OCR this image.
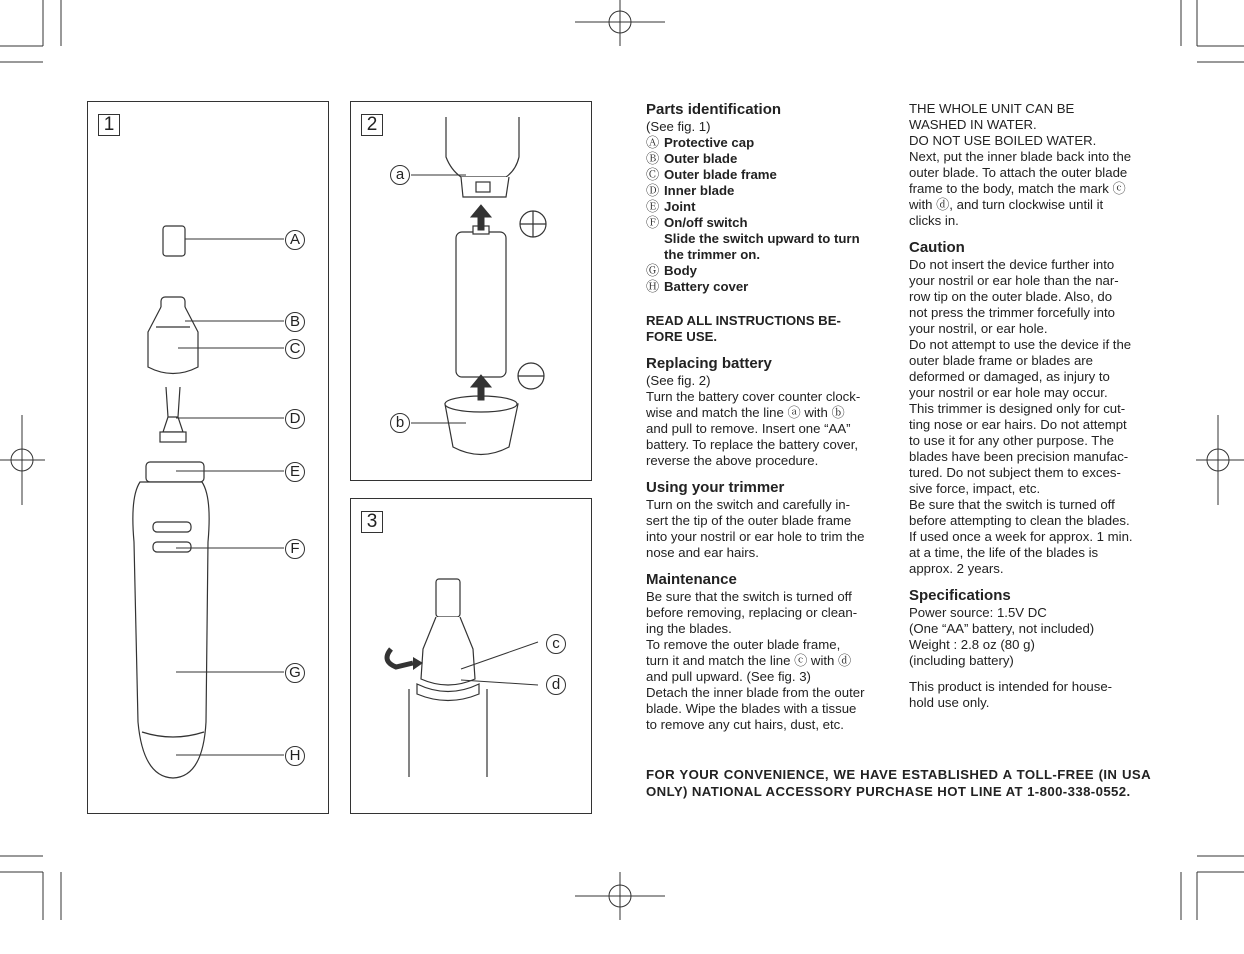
1
A
B
C
D
E
F
G
H
2
a
b
3
c
d
Parts identification

(See fig. 1)

Ⓐ Protective cap
Ⓑ Outer blade
Ⓒ Outer blade frame
Ⓓ Inner blade
Ⓔ Joint
Ⓕ On/off switch
Slide the switch upward to turn
the trimmer on.
Ⓖ Body
Ⓗ Battery cover

READ ALL INSTRUCTIONS BE-

FORE USE.

Replacing battery

(See fig. 2)

Turn the battery cover counter clock-

wise and match the line ⓐ with ⓑ

and pull to remove. Insert one “AA”

battery. To replace the battery cover,

reverse the above procedure.

Using your trimmer

Turn on the switch and carefully in-

sert the tip of the outer blade frame

into your nostril or ear hole to trim the

nose and ear hairs.

Maintenance

Be sure that the switch is turned off

before removing, replacing or clean-

ing the blades.

To remove the outer blade frame,

turn it and match the line ⓒ with ⓓ

and pull upward. (See fig. 3)

Detach the inner blade from the outer

blade. Wipe the blades with a tissue

to remove any cut hairs, dust, etc.

THE WHOLE UNIT CAN BE

WASHED IN WATER.

DO NOT USE BOILED WATER.

Next, put the inner blade back into the

outer blade. To attach the outer blade

frame to the body, match the mark ⓒ

with ⓓ, and turn clockwise until it

clicks in.

Caution

Do not insert the device further into

your nostril or ear hole than the nar-

row tip on the outer blade. Also, do

not press the trimmer forcefully into

your nostril, or ear hole.

Do not attempt to use the device if the

outer blade frame or blades are

deformed or damaged, as injury to

your nostril or ear hole may occur.

This trimmer is designed only for cut-

ting nose or ear hairs. Do not attempt

to use it for any other purpose. The

blades have been precision manufac-

tured. Do not subject them to exces-

sive force, impact, etc.

Be sure that the switch is turned off

before attempting to clean the blades.

If used once a week for approx. 1 min.

at a time, the life of the blades is

approx. 2 years.

Specifications

Power source: 1.5V DC

(One “AA” battery, not included)

Weight : 2.8 oz (80 g)

(including battery)

This product is intended for house-

hold use only.

FOR YOUR CONVENIENCE, WE HAVE ESTABLISHED A TOLL-FREE (IN USA ONLY) NATIONAL ACCESSORY PURCHASE HOT LINE AT 1-800-338-0552.
